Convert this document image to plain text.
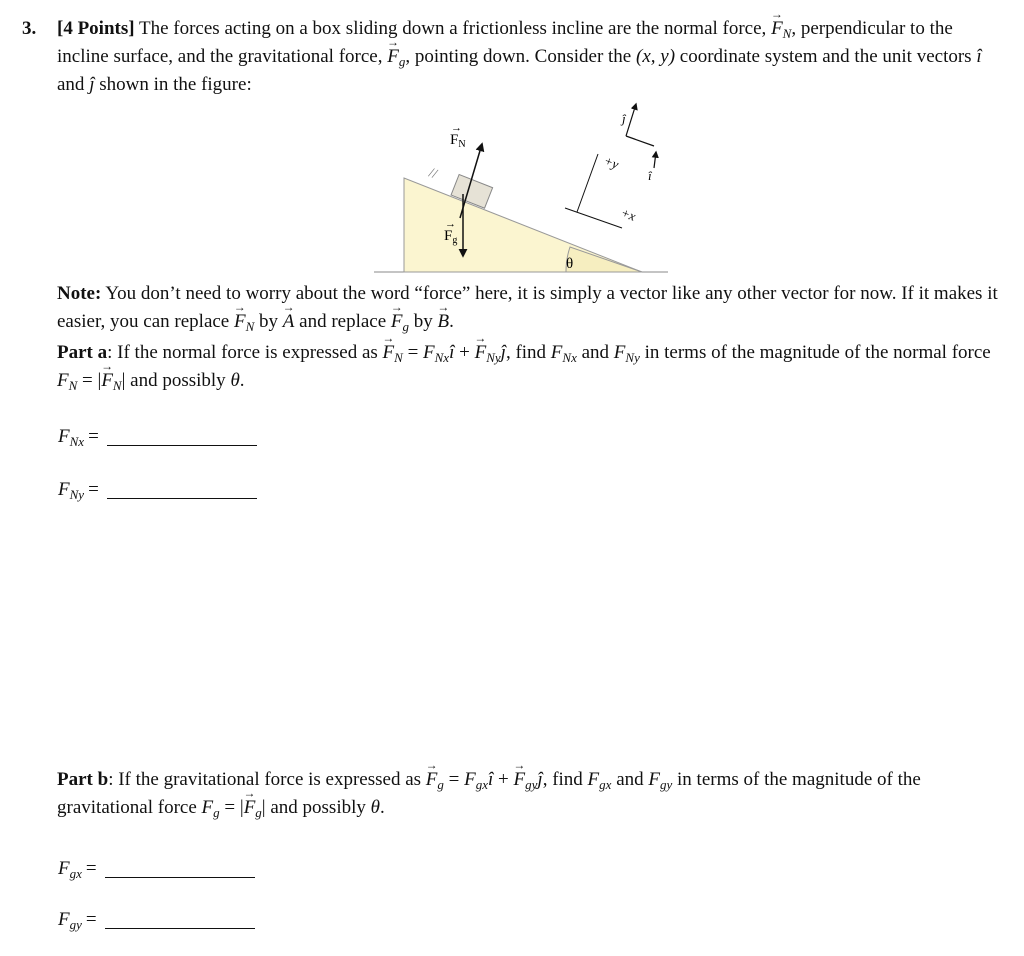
3. [4 Points] The forces acting on a box sliding down a frictionless incline are the normal force, → $F_N$, perpendicular to the incline surface, and the gravitational force, → $F_g$, pointing down. Consider the (x, y) coordinate system and the unit vectors î and ĵ shown in the figure:
//
$F_N$
→
$F_g$
→
+y
+x
ĵ
î
θ
Note: You don’t need to worry about the word “force” here, it is simply a vector like any other vector for now. If it makes it easier, you can replace → $F_N$ by → A and replace → $F_g$ by → B.
Part a: If the normal force is expressed as → $F_N$ = $F_{Nx}î$ + → $F_{Ny}ĵ$, find $F_{Nx}$ and $F_{Ny}$ in terms of the magnitude of the normal force $F_N$ = |→ $F_N|$ and possibly θ.
$F_{Nx}$ =
$F_{Ny}$ =
Part b: If the gravitational force is expressed as → $F_g$ = $F_{gx}î$ + → $F_{gy}ĵ$, find $F_{gx}$ and $F_{gy}$ in terms of the magnitude of the gravitational force $F_g$ = |→ $F_g|$ and possibly θ.
$F_{gx}$ =
$F_{gy}$ =
